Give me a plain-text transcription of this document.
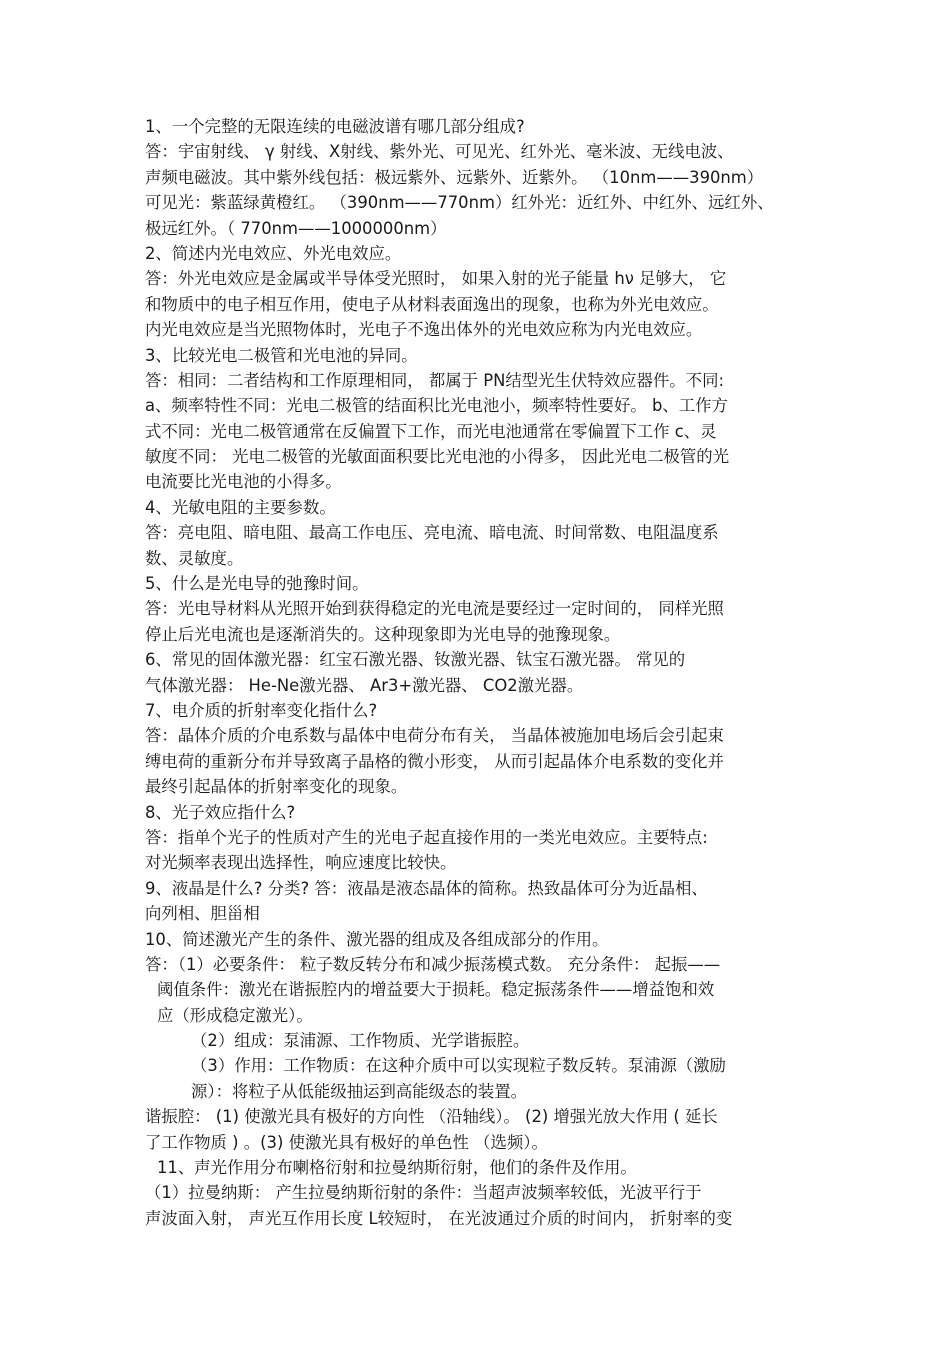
1、一个完整的无限连续的电磁波谱有哪几部分组成?
答：宇宙射线、 γ 射线、X射线、紫外光、可见光、红外光、毫米波、无线电波、
声频电磁波。其中紫外线包括：极远紫外、远紫外、近紫外。 （10nm——390nm）
可见光：紫蓝绿黄橙红。 （390nm——770nm）红外光：近红外、中红外、远红外、
极远红外。（ 770nm——1000000nm）
2、简述内光电效应、外光电效应。
答：外光电效应是金属或半导体受光照时， 如果入射的光子能量 hν 足够大， 它
和物质中的电子相互作用，使电子从材料表面逸出的现象，也称为外光电效应。
内光电效应是当光照物体时，光电子不逸出体外的光电效应称为内光电效应。
3、比较光电二极管和光电池的异同。
答：相同：二者结构和工作原理相同， 都属于 PN结型光生伏特效应器件。不同:
a、频率特性不同：光电二极管的结面积比光电池小，频率特性要好。 b、工作方
式不同：光电二极管通常在反偏置下工作，而光电池通常在零偏置下工作 c、灵
敏度不同： 光电二极管的光敏面面积要比光电池的小得多， 因此光电二极管的光
电流要比光电池的小得多。
4、光敏电阻的主要参数。
答：亮电阻、暗电阻、最高工作电压、亮电流、暗电流、时间常数、电阻温度系
数、灵敏度。
5、什么是光电导的弛豫时间。
答：光电导材料从光照开始到获得稳定的光电流是要经过一定时间的， 同样光照
停止后光电流也是逐渐消失的。这种现象即为光电导的弛豫现象。
6、常见的固体激光器：红宝石激光器、钕激光器、钛宝石激光器。 常见的
气体激光器： He-Ne激光器、 Ar3+激光器、 CO2激光器。
7、电介质的折射率变化指什么?
答：晶体介质的介电系数与晶体中电荷分布有关， 当晶体被施加电场后会引起束
缚电荷的重新分布并导致离子晶格的微小形变， 从而引起晶体介电系数的变化并
最终引起晶体的折射率变化的现象。
8、光子效应指什么?
答：指单个光子的性质对产生的光电子起直接作用的一类光电效应。主要特点:
对光频率表现出选择性，响应速度比较快。
9、液晶是什么? 分类? 答：液晶是液态晶体的简称。热致晶体可分为近晶相、
向列相、胆甾相
10、简述激光产生的条件、激光器的组成及各组成部分的作用。
答：（1）必要条件： 粒子数反转分布和减少振荡模式数。 充分条件： 起振——
阈值条件：激光在谐振腔内的增益要大于损耗。稳定振荡条件——增益饱和效
应（形成稳定激光）。
（2）组成：泵浦源、工作物质、光学谐振腔。
（3）作用：工作物质：在这种介质中可以实现粒子数反转。泵浦源（激励
源）：将粒子从低能级抽运到高能级态的装置。
谐振腔： (1) 使激光具有极好的方向性 （沿轴线）。 (2) 增强光放大作用 ( 延长
了工作物质 ) 。(3) 使激光具有极好的单色性 （选频）。
11、声光作用分布喇格衍射和拉曼纳斯衍射，他们的条件及作用。
（1）拉曼纳斯： 产生拉曼纳斯衍射的条件：当超声波频率较低，光波平行于
声波面入射， 声光互作用长度 L较短时， 在光波通过介质的时间内， 折射率的变
